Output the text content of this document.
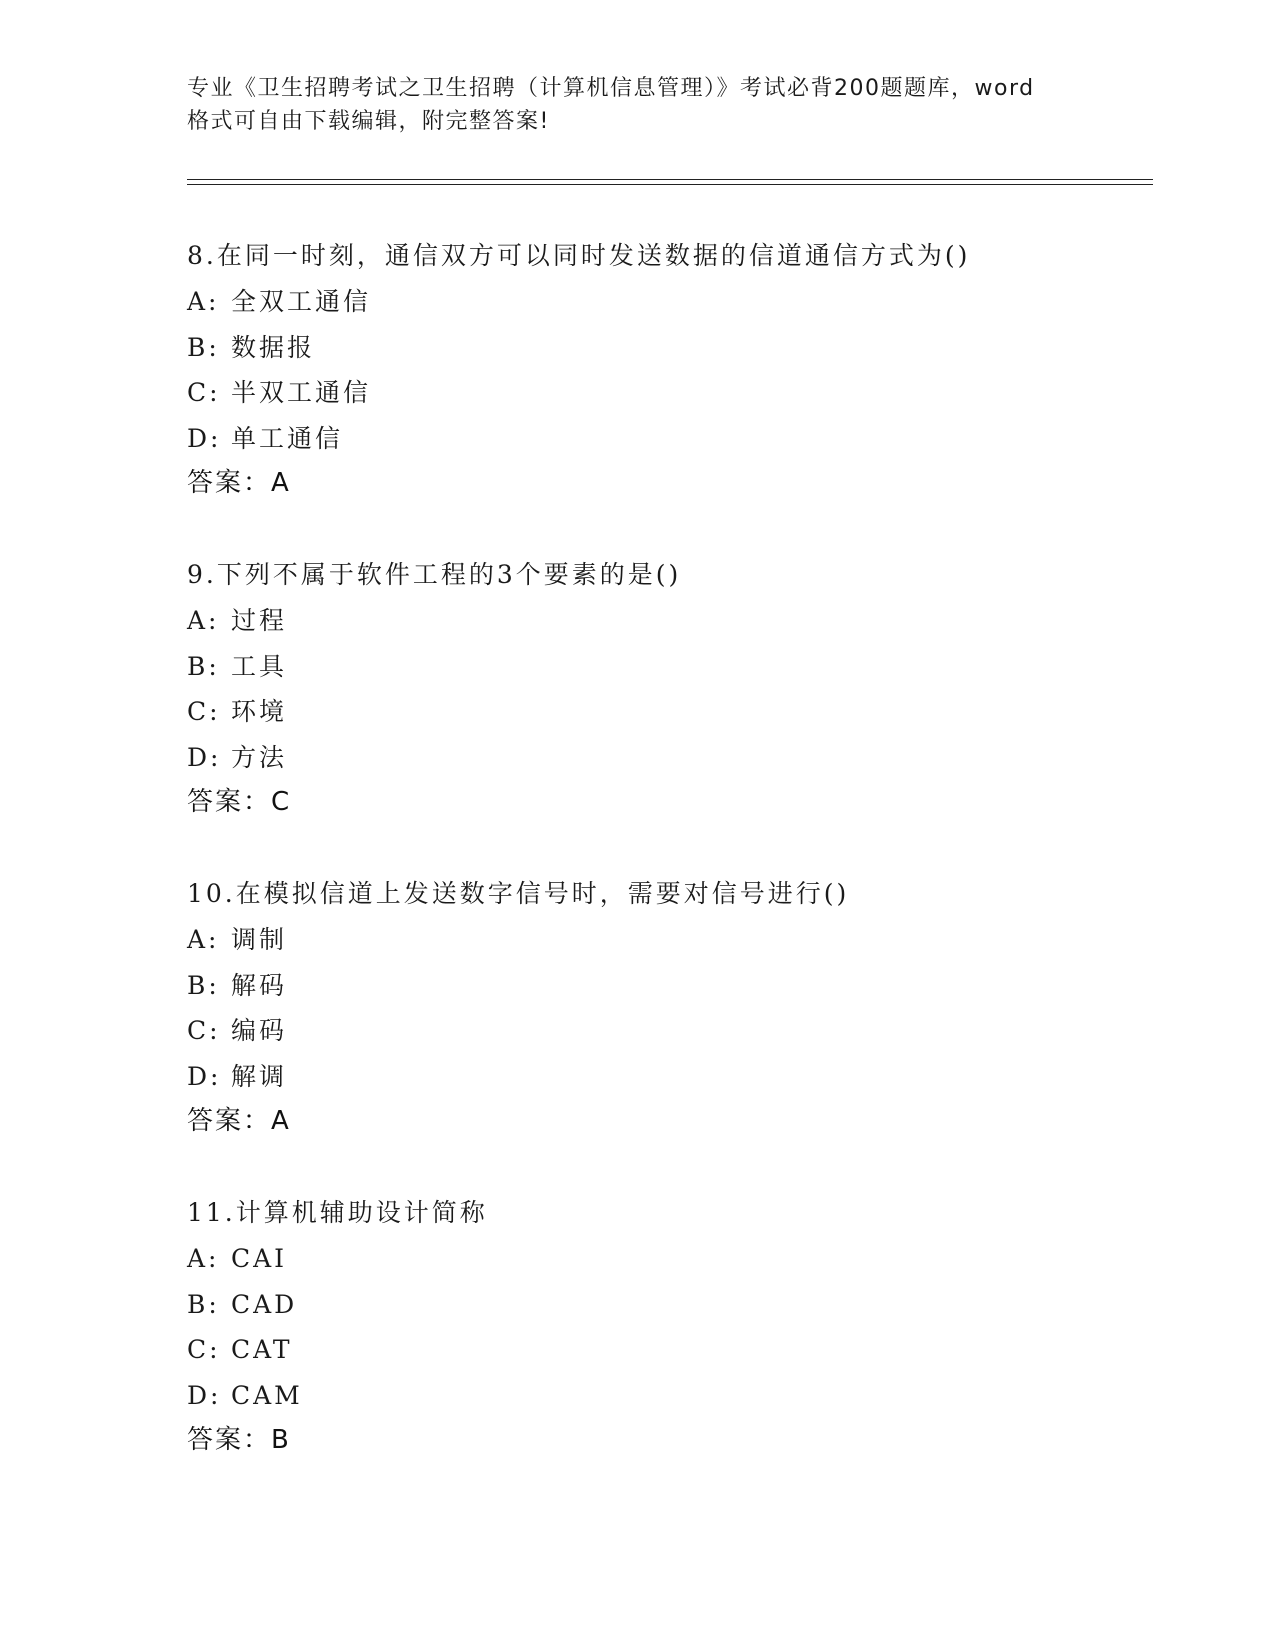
专业《卫生招聘考试之卫生招聘（计算机信息管理）》考试必背200题题库，word
格式可自由下载编辑，附完整答案!
8.在同一时刻，通信双方可以同时发送数据的信道通信方式为()
A: 全双工通信
B: 数据报
C: 半双工通信
D: 单工通信
答案：A
9.下列不属于软件工程的3个要素的是()
A: 过程
B: 工具
C: 环境
D: 方法
答案：C
10.在模拟信道上发送数字信号时，需要对信号进行()
A: 调制
B: 解码
C: 编码
D: 解调
答案：A
11.计算机辅助设计简称
A: CAI
B: CAD
C: CAT
D: CAM
答案：B
